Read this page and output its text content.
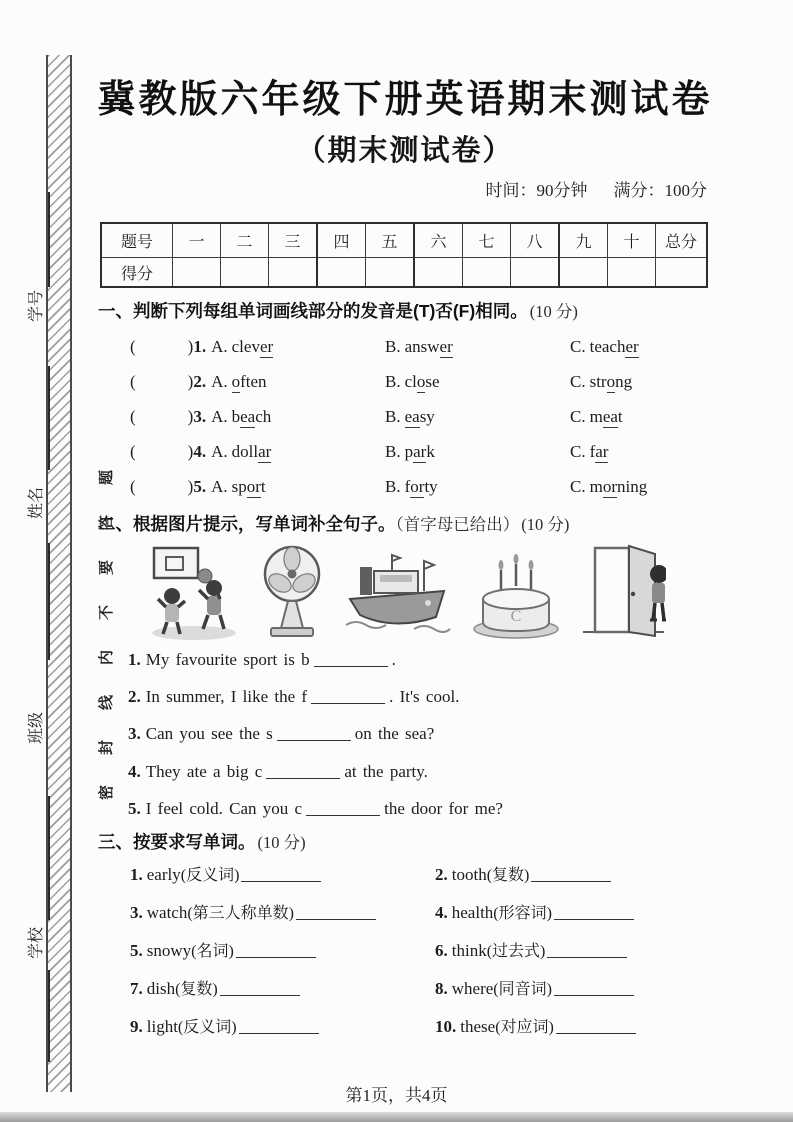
密封线内不要答题
学号
姓名
班级
学校
冀教版六年级下册英语期末测试卷
（期末测试卷）
时间：90分钟 满分：100分
题号	一	二	三	四	五	六	七	八	九	十	总分
得分											
一、判断下列每组单词画线部分的发音是(T)否(F)相同。 (10 分)
(	)1. A. clever	B. answer	C. teacher
(	)2. A. often	B. close	C. strong
(	)3. A. beach	B. easy	C. meat
(	)4. A. dollar	B. park	C. far
(	)5. A. sport	B. forty	C. morning
二、根据图片提示，写单词补全句子。（首字母已给出） (10 分)
C
1. My favourite sport is b	.
2. In summer, I like the f	. It's cool.
3. Can you see the s	on the sea?
4. They ate a big c	at the party.
5. I feel cold. Can you c	the door for me?
三、按要求写单词。 (10 分)
1. early(反义词)	2. tooth(复数)
3. watch(第三人称单数)	4. health(形容词)
5. snowy(名词)	6. think(过去式)
7. dish(复数)	8. where(同音词)
9. light(反义词)	10. these(对应词)
第1页，共4页
